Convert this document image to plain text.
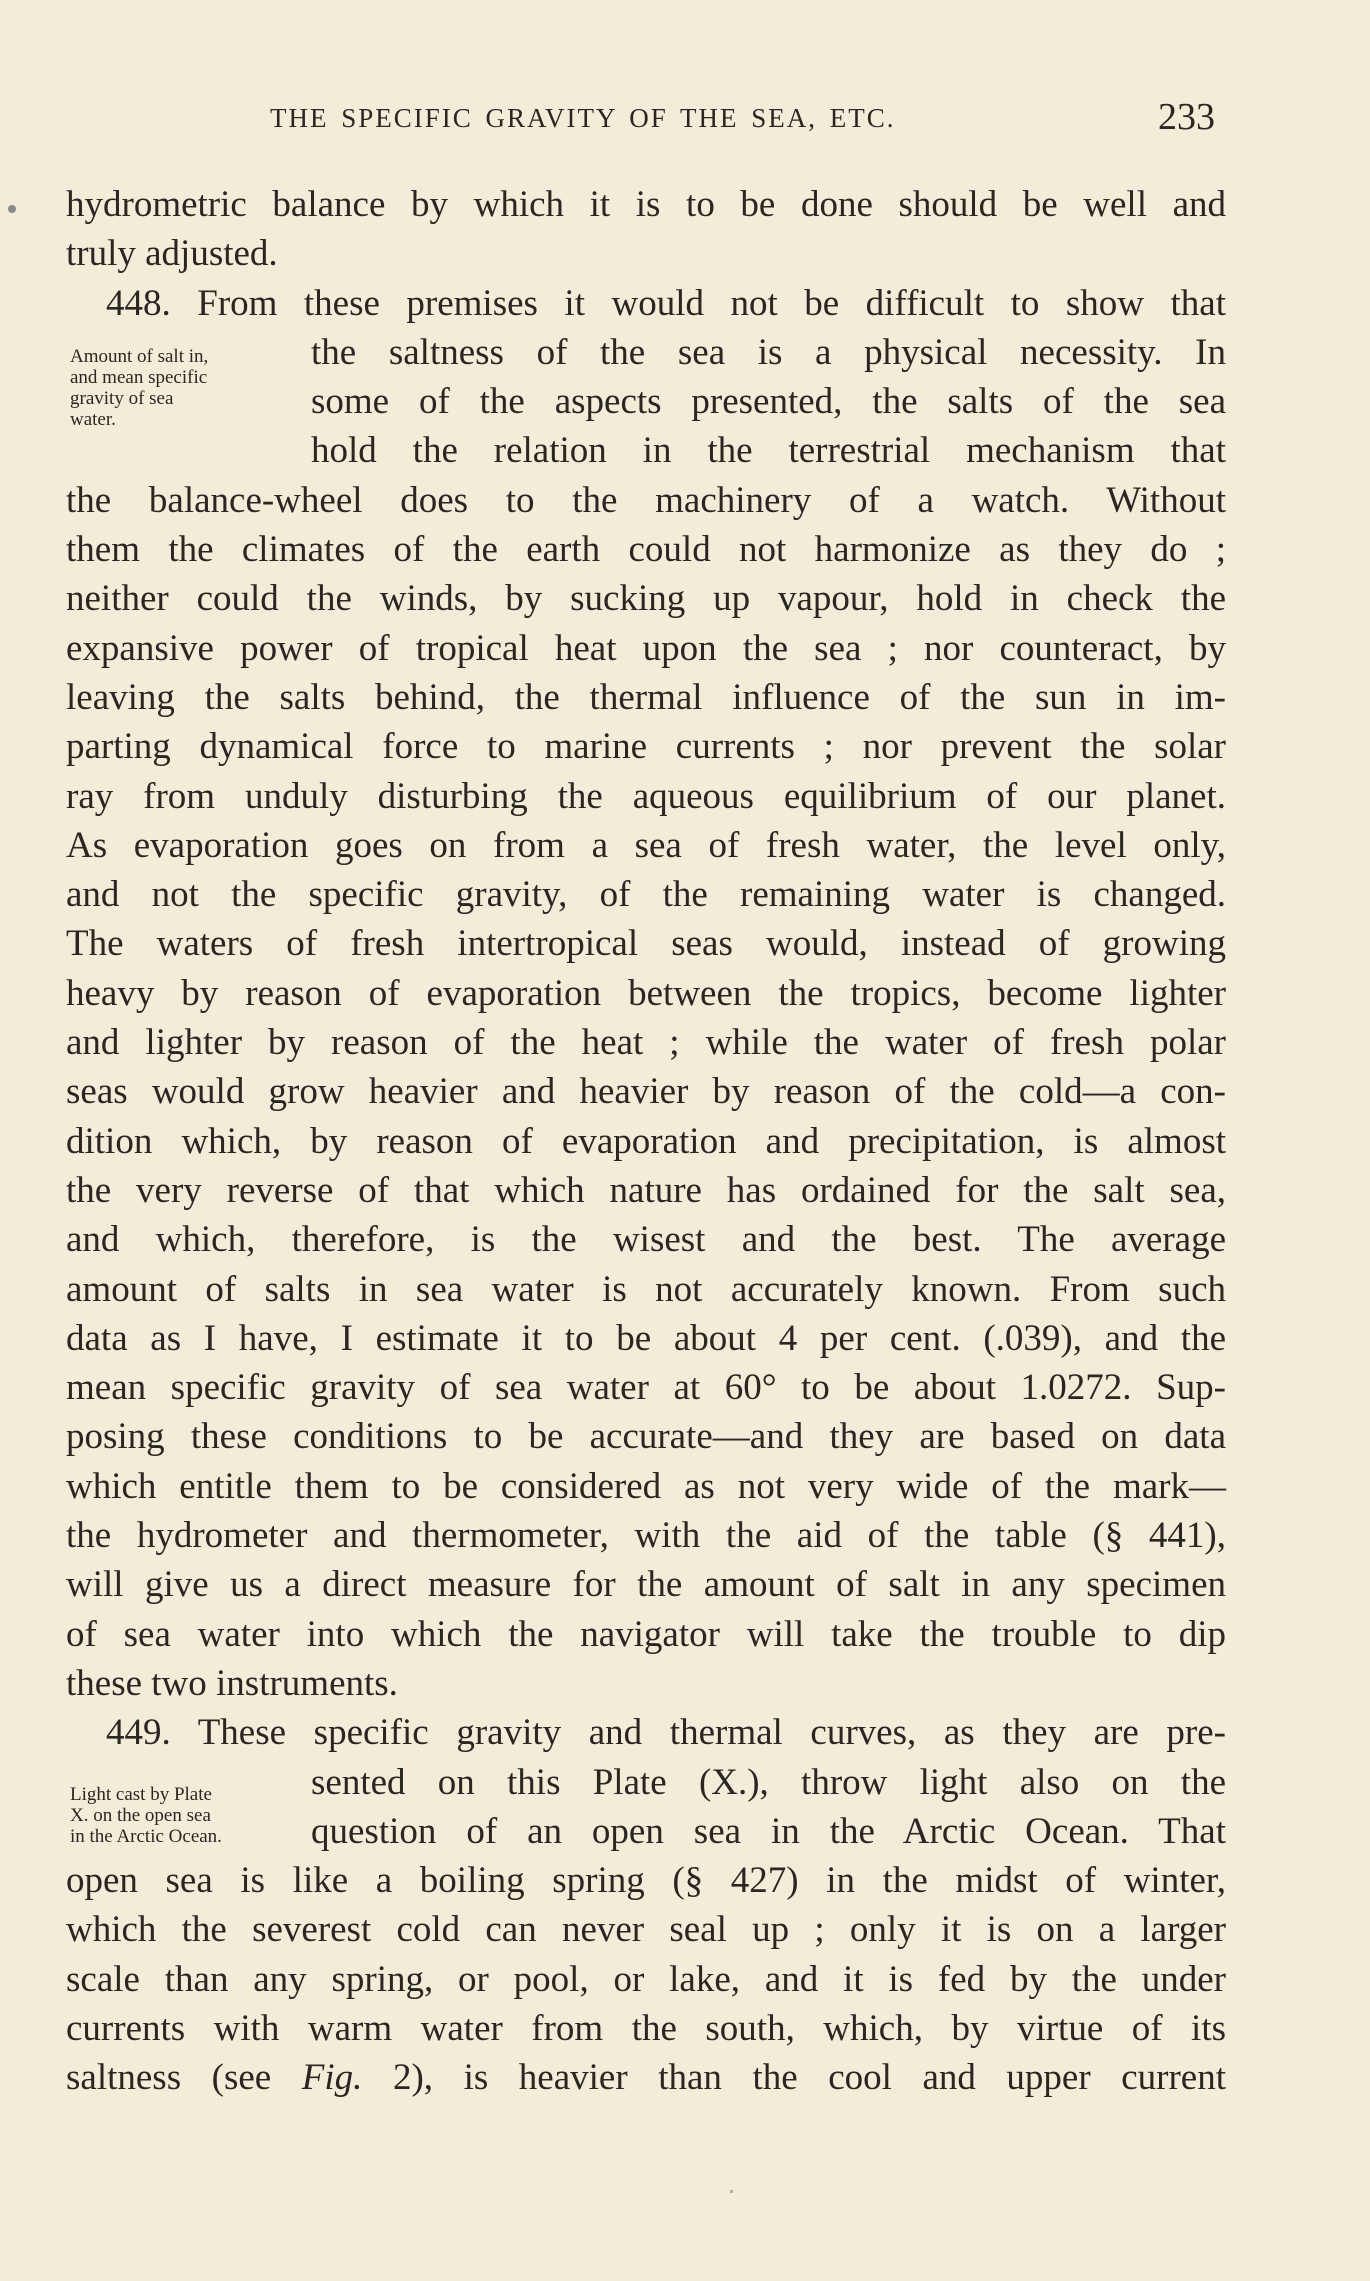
THE SPECIFIC GRAVITY OF THE SEA, ETC.	233
Amount of salt in,
and mean specific
gravity of sea
water.
Light cast by Plate
X. on the open sea
in the Arctic Ocean.
hydrometric balance by which it is to be done should be well and
truly adjusted.
448. From these premises it would not be difficult to show that
the saltness of the sea is a physical necessity. In
some of the aspects presented, the salts of the sea
hold the relation in the terrestrial mechanism that
the balance-wheel does to the machinery of a watch. Without
them the climates of the earth could not harmonize as they do ;
neither could the winds, by sucking up vapour, hold in check the
expansive power of tropical heat upon the sea ; nor counteract, by
leaving the salts behind, the thermal influence of the sun in im-
parting dynamical force to marine currents ; nor prevent the solar
ray from unduly disturbing the aqueous equilibrium of our planet.
As evaporation goes on from a sea of fresh water, the level only,
and not the specific gravity, of the remaining water is changed.
The waters of fresh intertropical seas would, instead of growing
heavy by reason of evaporation between the tropics, become lighter
and lighter by reason of the heat ; while the water of fresh polar
seas would grow heavier and heavier by reason of the cold—a con-
dition which, by reason of evaporation and precipitation, is almost
the very reverse of that which nature has ordained for the salt sea,
and which, therefore, is the wisest and the best. The average
amount of salts in sea water is not accurately known. From such
data as I have, I estimate it to be about 4 per cent. (.039), and the
mean specific gravity of sea water at 60° to be about 1.0272. Sup-
posing these conditions to be accurate—and they are based on data
which entitle them to be considered as not very wide of the mark—
the hydrometer and thermometer, with the aid of the table (§ 441),
will give us a direct measure for the amount of salt in any specimen
of sea water into which the navigator will take the trouble to dip
these two instruments.
449. These specific gravity and thermal curves, as they are pre-
sented on this Plate (X.), throw light also on the
question of an open sea in the Arctic Ocean. That
open sea is like a boiling spring (§ 427) in the midst of winter,
which the severest cold can never seal up ; only it is on a larger
scale than any spring, or pool, or lake, and it is fed by the under
currents with warm water from the south, which, by virtue of its
saltness (see Fig. 2), is heavier than the cool and upper current
